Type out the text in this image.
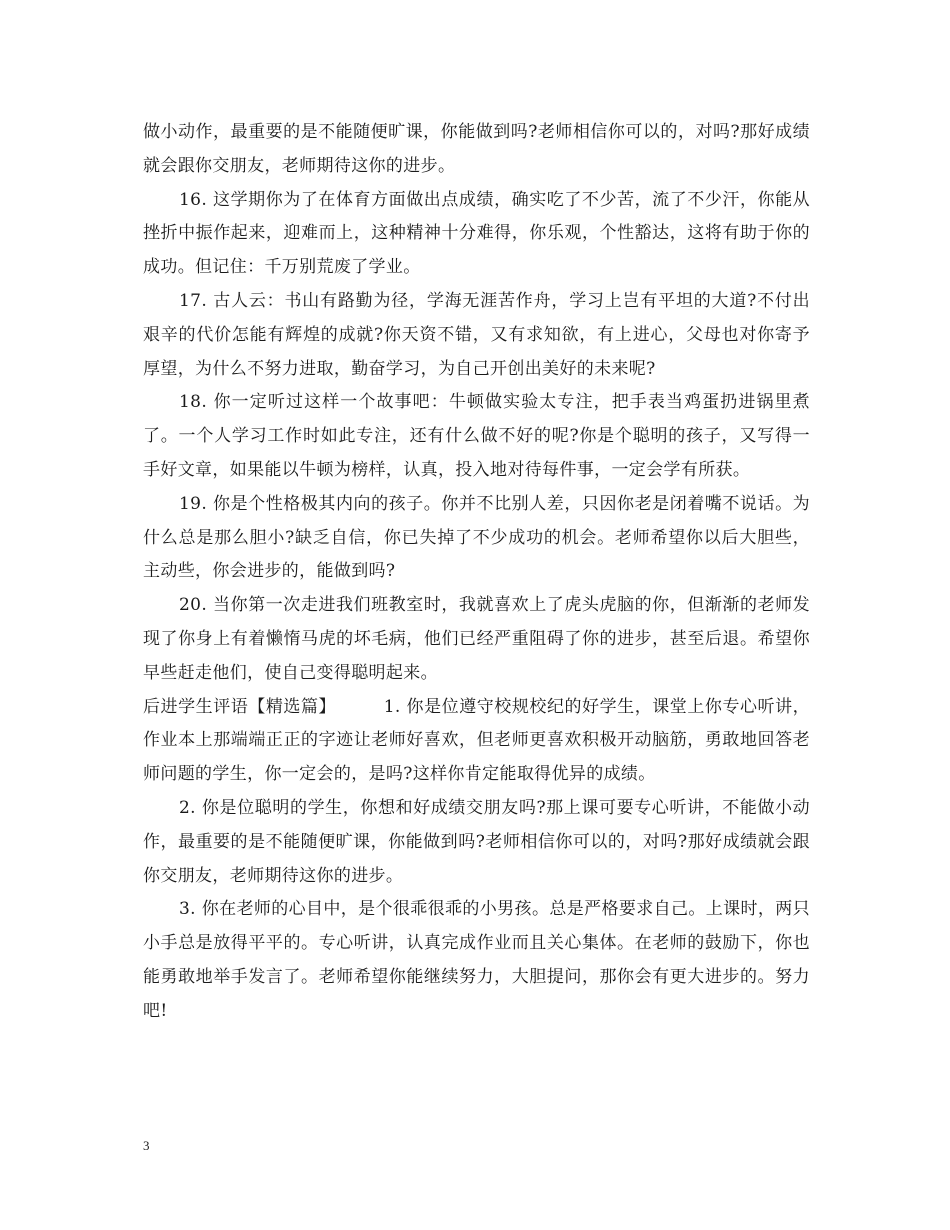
做小动作，最重要的是不能随便旷课，你能做到吗?老师相信你可以的，对吗?那好成绩就会跟你交朋友，老师期待这你的进步。

16. 这学期你为了在体育方面做出点成绩，确实吃了不少苦，流了不少汗，你能从挫折中振作起来，迎难而上，这种精神十分难得，你乐观，个性豁达，这将有助于你的成功。但记住：千万别荒废了学业。

17. 古人云：书山有路勤为径，学海无涯苦作舟，学习上岂有平坦的大道?不付出艰辛的代价怎能有辉煌的成就?你天资不错，又有求知欲，有上进心，父母也对你寄予厚望，为什么不努力进取，勤奋学习，为自己开创出美好的未来呢?

18. 你一定听过这样一个故事吧：牛顿做实验太专注，把手表当鸡蛋扔进锅里煮了。一个人学习工作时如此专注，还有什么做不好的呢?你是个聪明的孩子，又写得一手好文章，如果能以牛顿为榜样，认真，投入地对待每件事，一定会学有所获。

19. 你是个性格极其内向的孩子。你并不比别人差，只因你老是闭着嘴不说话。为什么总是那么胆小?缺乏自信，你已失掉了不少成功的机会。老师希望你以后大胆些，主动些，你会进步的，能做到吗?

20. 当你第一次走进我们班教室时，我就喜欢上了虎头虎脑的你，但渐渐的老师发现了你身上有着懒惰马虎的坏毛病，他们已经严重阻碍了你的进步，甚至后退。希望你早些赶走他们，使自己变得聪明起来。

后进学生评语【精选篇】	1. 你是位遵守校规校纪的好学生，课堂上你专心听讲，作业本上那端端正正的字迹让老师好喜欢，但老师更喜欢积极开动脑筋，勇敢地回答老师问题的学生，你一定会的，是吗?这样你肯定能取得优异的成绩。

2. 你是位聪明的学生，你想和好成绩交朋友吗?那上课可要专心听讲，不能做小动作，最重要的是不能随便旷课，你能做到吗?老师相信你可以的，对吗?那好成绩就会跟你交朋友，老师期待这你的进步。

3. 你在老师的心目中，是个很乖很乖的小男孩。总是严格要求自己。上课时，两只小手总是放得平平的。专心听讲，认真完成作业而且关心集体。在老师的鼓励下，你也能勇敢地举手发言了。老师希望你能继续努力，大胆提问，那你会有更大进步的。努力吧!

3
